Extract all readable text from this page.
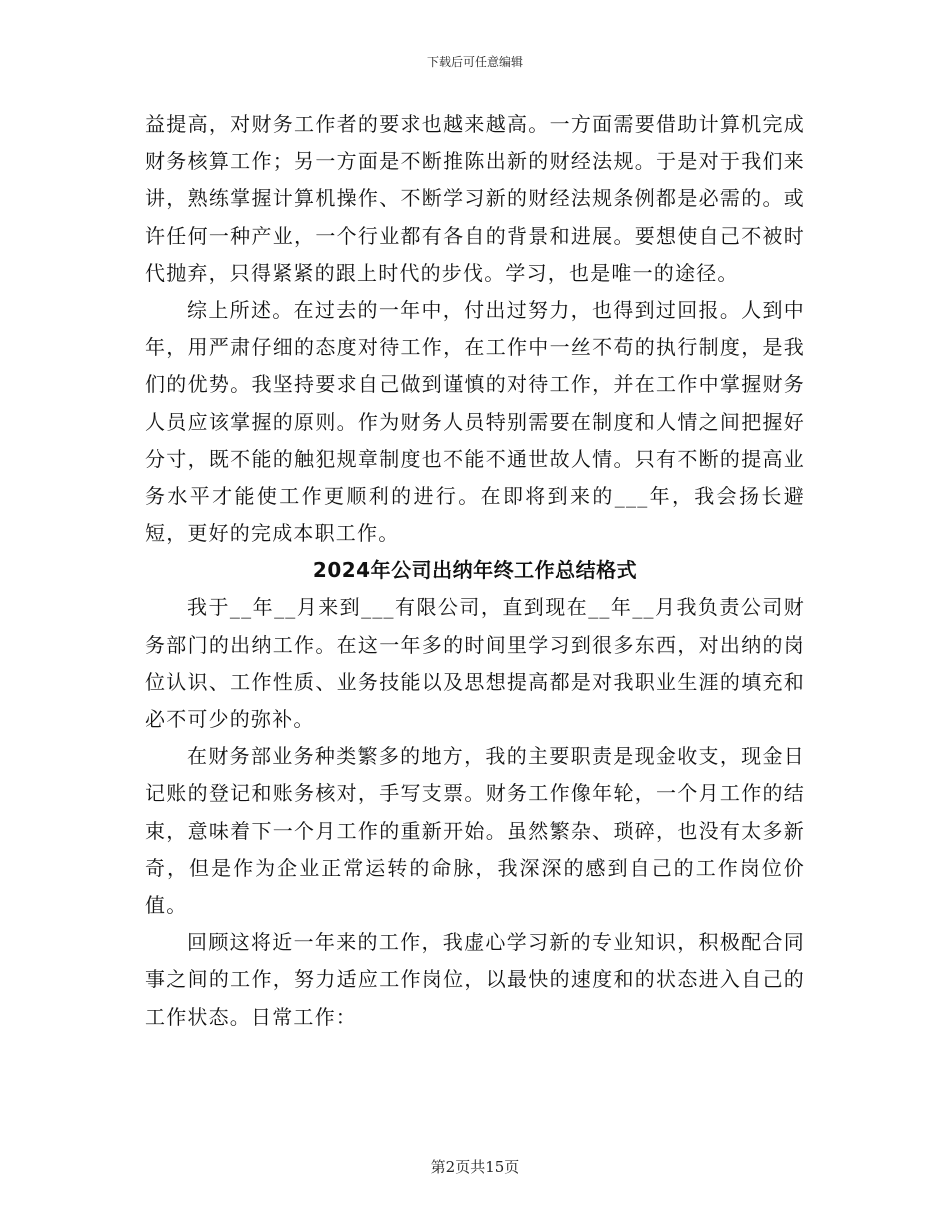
下载后可任意编辑

益提高，对财务工作者的要求也越来越高。一方面需要借助计算机完成财务核算工作；另一方面是不断推陈出新的财经法规。于是对于我们来讲，熟练掌握计算机操作、不断学习新的财经法规条例都是必需的。或许任何一种产业，一个行业都有各自的背景和进展。要想使自己不被时代抛弃，只得紧紧的跟上时代的步伐。学习，也是唯一的途径。

综上所述。在过去的一年中，付出过努力，也得到过回报。人到中年，用严肃仔细的态度对待工作，在工作中一丝不苟的执行制度，是我们的优势。我坚持要求自己做到谨慎的对待工作，并在工作中掌握财务人员应该掌握的原则。作为财务人员特别需要在制度和人情之间把握好分寸，既不能的触犯规章制度也不能不通世故人情。只有不断的提高业务水平才能使工作更顺利的进行。在即将到来的___年，我会扬长避短，更好的完成本职工作。

2024年公司出纳年终工作总结格式

我于__年__月来到___有限公司，直到现在__年__月我负责公司财务部门的出纳工作。在这一年多的时间里学习到很多东西，对出纳的岗位认识、工作性质、业务技能以及思想提高都是对我职业生涯的填充和必不可少的弥补。

在财务部业务种类繁多的地方，我的主要职责是现金收支，现金日记账的登记和账务核对，手写支票。财务工作像年轮，一个月工作的结束，意味着下一个月工作的重新开始。虽然繁杂、琐碎，也没有太多新奇，但是作为企业正常运转的命脉，我深深的感到自己的工作岗位价值。

回顾这将近一年来的工作，我虚心学习新的专业知识，积极配合同事之间的工作，努力适应工作岗位，以最快的速度和的状态进入自己的工作状态。日常工作：

第2页共15页
